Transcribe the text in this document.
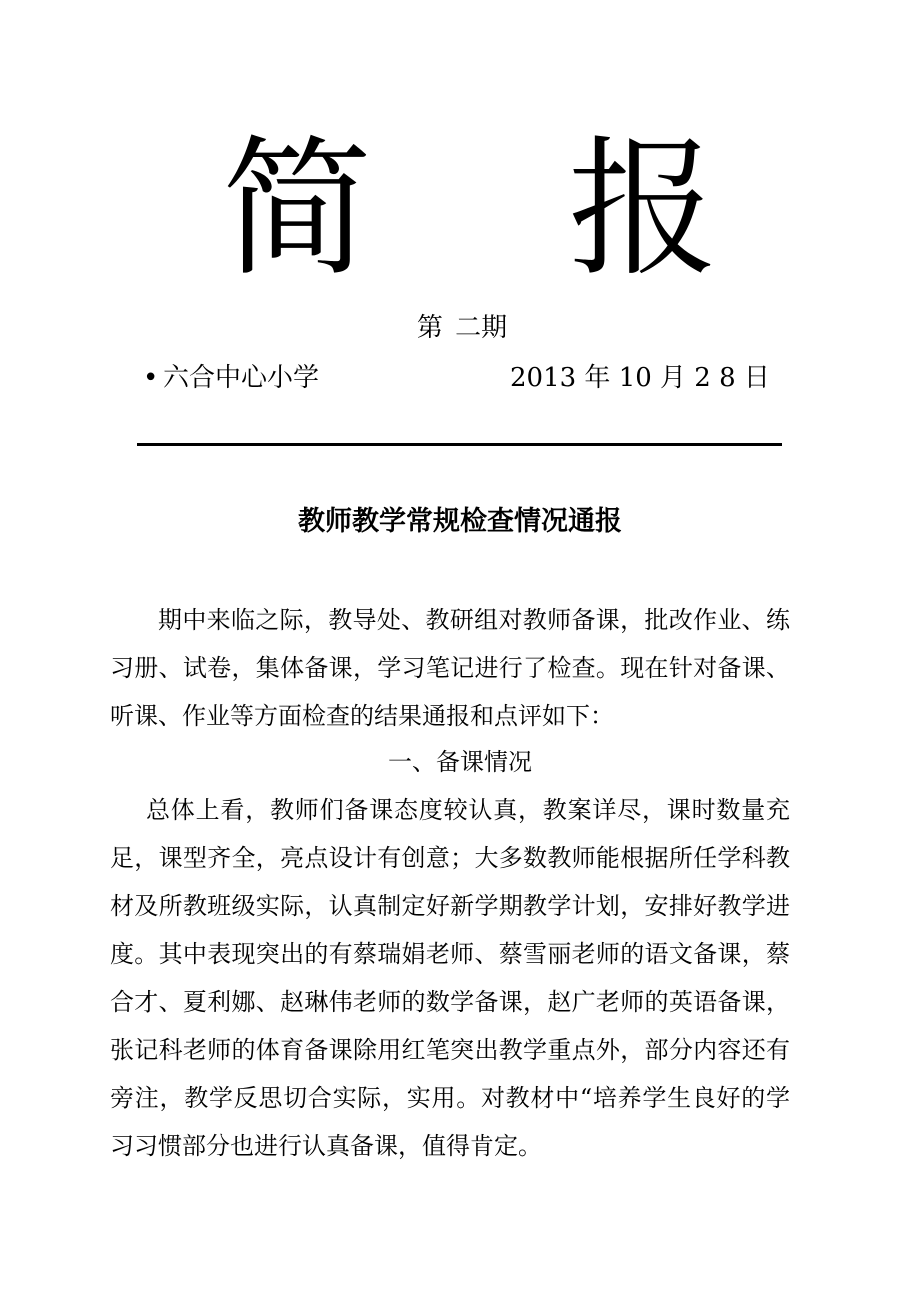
简 报
第 二期
• 六合中心小学	2013 年 10 月 2 8 日
教师教学常规检查情况通报

期中来临之际，教导处、教研组对教师备课，批改作业、练习册、试卷，集体备课，学习笔记进行了检查。现在针对备课、听课、作业等方面检查的结果通报和点评如下：

一、备课情况

总体上看，教师们备课态度较认真，教案详尽，课时数量充足，课型齐全，亮点设计有创意；大多数教师能根据所任学科教材及所教班级实际，认真制定好新学期教学计划，安排好教学进度。其中表现突出的有蔡瑞娟老师、蔡雪丽老师的语文备课，蔡合才、夏利娜、赵琳伟老师的数学备课，赵广老师的英语备课，张记科老师的体育备课除用红笔突出教学重点外，部分内容还有旁注，教学反思切合实际，实用。对教材中“培养学生良好的学习习惯部分也进行认真备课，值得肯定。
